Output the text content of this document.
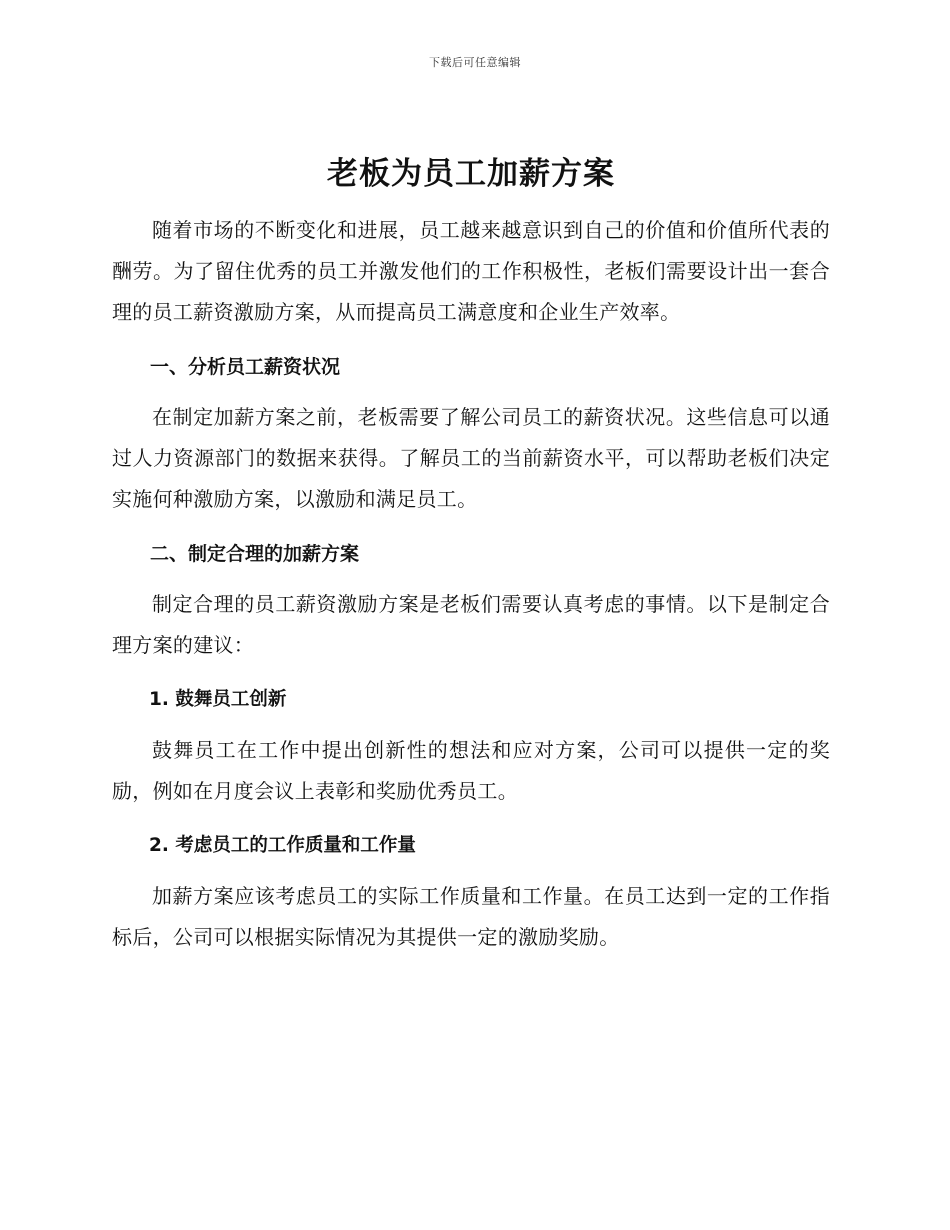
下载后可任意编辑
老板为员工加薪方案

随着市场的不断变化和进展，员工越来越意识到自己的价值和价值所代表的酬劳。为了留住优秀的员工并激发他们的工作积极性，老板们需要设计出一套合理的员工薪资激励方案，从而提高员工满意度和企业生产效率。

一、分析员工薪资状况

在制定加薪方案之前，老板需要了解公司员工的薪资状况。这些信息可以通过人力资源部门的数据来获得。了解员工的当前薪资水平，可以帮助老板们决定实施何种激励方案，以激励和满足员工。

二、制定合理的加薪方案

制定合理的员工薪资激励方案是老板们需要认真考虑的事情。以下是制定合理方案的建议：

1. 鼓舞员工创新

鼓舞员工在工作中提出创新性的想法和应对方案，公司可以提供一定的奖励，例如在月度会议上表彰和奖励优秀员工。

2. 考虑员工的工作质量和工作量

加薪方案应该考虑员工的实际工作质量和工作量。在员工达到一定的工作指标后，公司可以根据实际情况为其提供一定的激励奖励。
